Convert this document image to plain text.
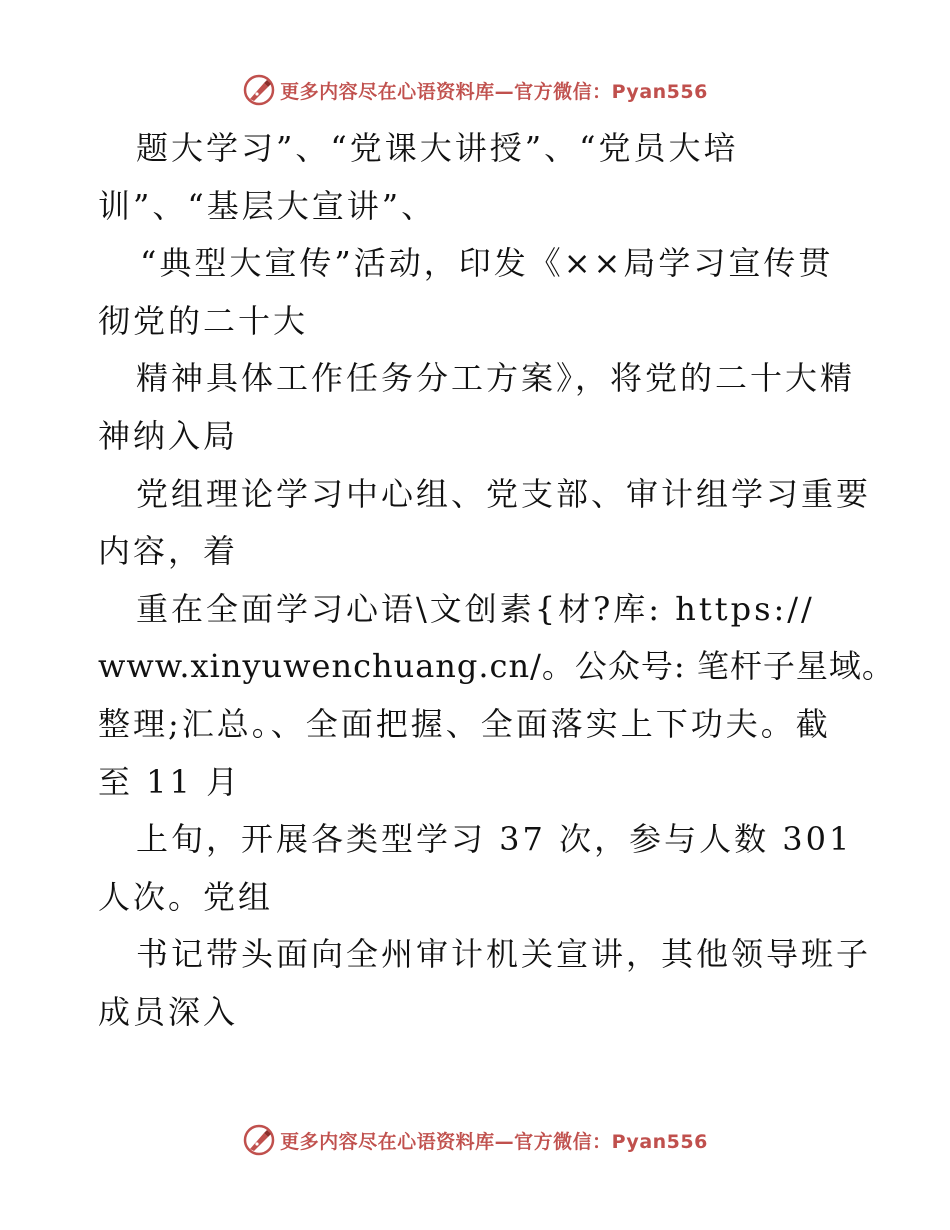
更多内容尽在心语资料库—官方微信：Pyan556
题大学习”、“党课大讲授”、“党员大培
训”、“基层大宣讲”、
“典型大宣传”活动，印发《××局学习宣传贯
彻党的二十大
精神具体工作任务分工方案》，将党的二十大精
神纳入局
党组理论学习中心组、党支部、审计组学习重要
内容，着
重在全面学习心语\文创素{材?库: https://
www.xinyuwenchuang.cn/。公众号: 笔杆子星域。
整理;汇总。、全面把握、全面落实上下功夫。截
至 11 月
上旬，开展各类型学习 37 次，参与人数 301
人次。党组
书记带头面向全州审计机关宣讲，其他领导班子
成员深入
更多内容尽在心语资料库—官方微信：Pyan556
